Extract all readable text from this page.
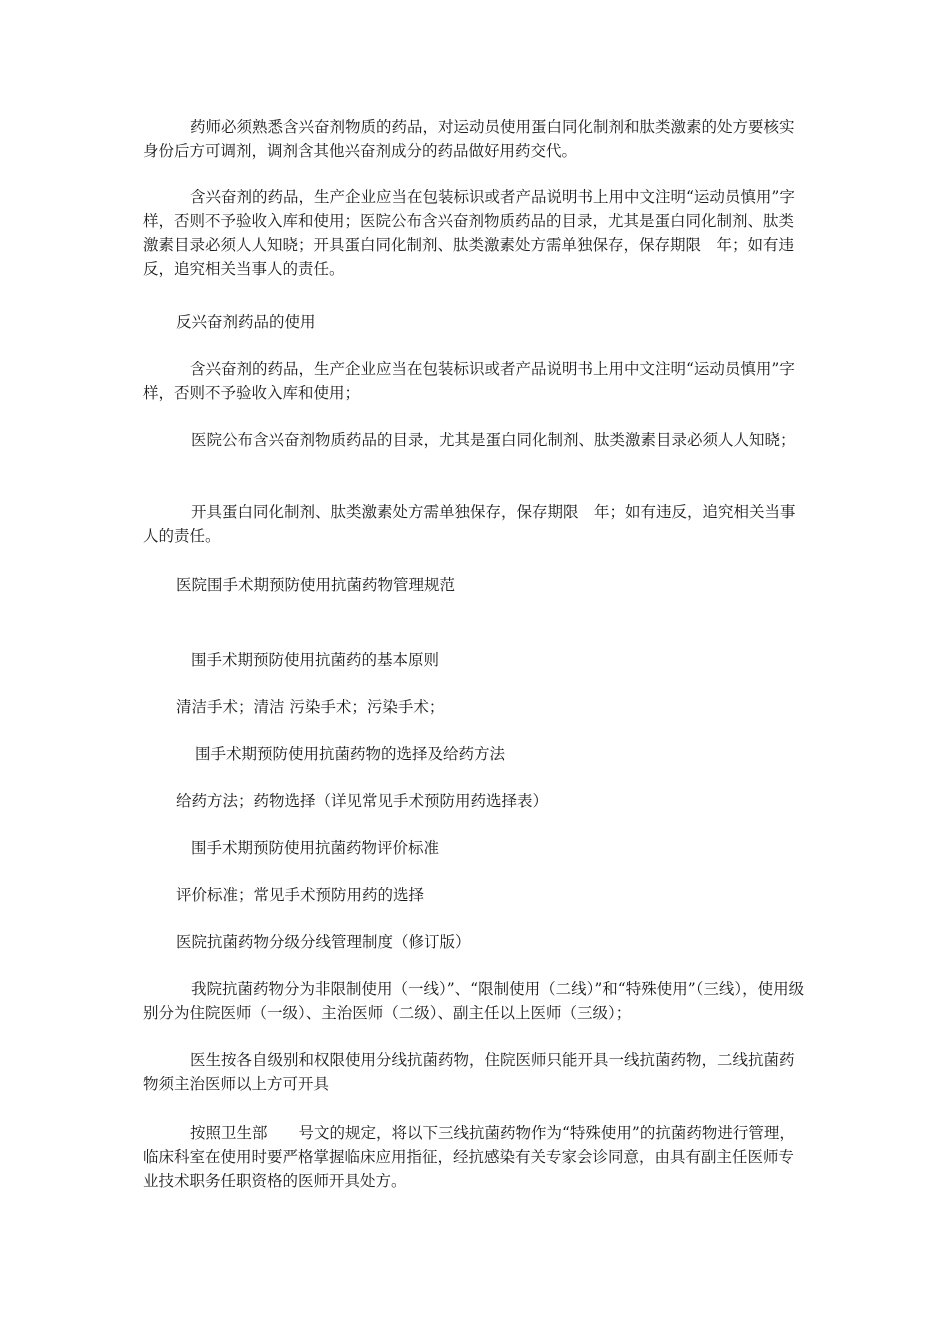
药师必须熟悉含兴奋剂物质的药品，对运动员使用蛋白同化制剂和肽类激素的处方要核实身份后方可调剂，调剂含其他兴奋剂成分的药品做好用药交代。

含兴奋剂的药品，生产企业应当在包装标识或者产品说明书上用中文注明“运动员慎用”字样，否则不予验收入库和使用；医院公布含兴奋剂物质药品的目录，尤其是蛋白同化制剂、肽类激素目录必须人人知晓；开具蛋白同化制剂、肽类激素处方需单独保存，保存期限　年；如有违反，追究相关当事人的责任。

反兴奋剂药品的使用

含兴奋剂的药品，生产企业应当在包装标识或者产品说明书上用中文注明“运动员慎用”字样，否则不予验收入库和使用；

医院公布含兴奋剂物质药品的目录，尤其是蛋白同化制剂、肽类激素目录必须人人知晓；

开具蛋白同化制剂、肽类激素处方需单独保存，保存期限　年；如有违反，追究相关当事人的责任。

医院围手术期预防使用抗菌药物管理规范

围手术期预防使用抗菌药的基本原则

清洁手术；清洁 污染手术；污染手术；

围手术期预防使用抗菌药物的选择及给药方法

给药方法；药物选择（详见常见手术预防用药选择表）

围手术期预防使用抗菌药物评价标准

评价标准；常见手术预防用药的选择

医院抗菌药物分级分线管理制度（修订版）

我院抗菌药物分为非限制使用（一线）”、“限制使用（二线）”和“特殊使用”（三线），使用级别分为住院医师（一级）、主治医师（二级）、副主任以上医师（三级）；

医生按各自级别和权限使用分线抗菌药物，住院医师只能开具一线抗菌药物，二线抗菌药物须主治医师以上方可开具

按照卫生部　　号文的规定，将以下三线抗菌药物作为“特殊使用”的抗菌药物进行管理，　临床科室在使用时要严格掌握临床应用指征，经抗感染有关专家会诊同意，由具有副主任医师专业技术职务任职资格的医师开具处方。
